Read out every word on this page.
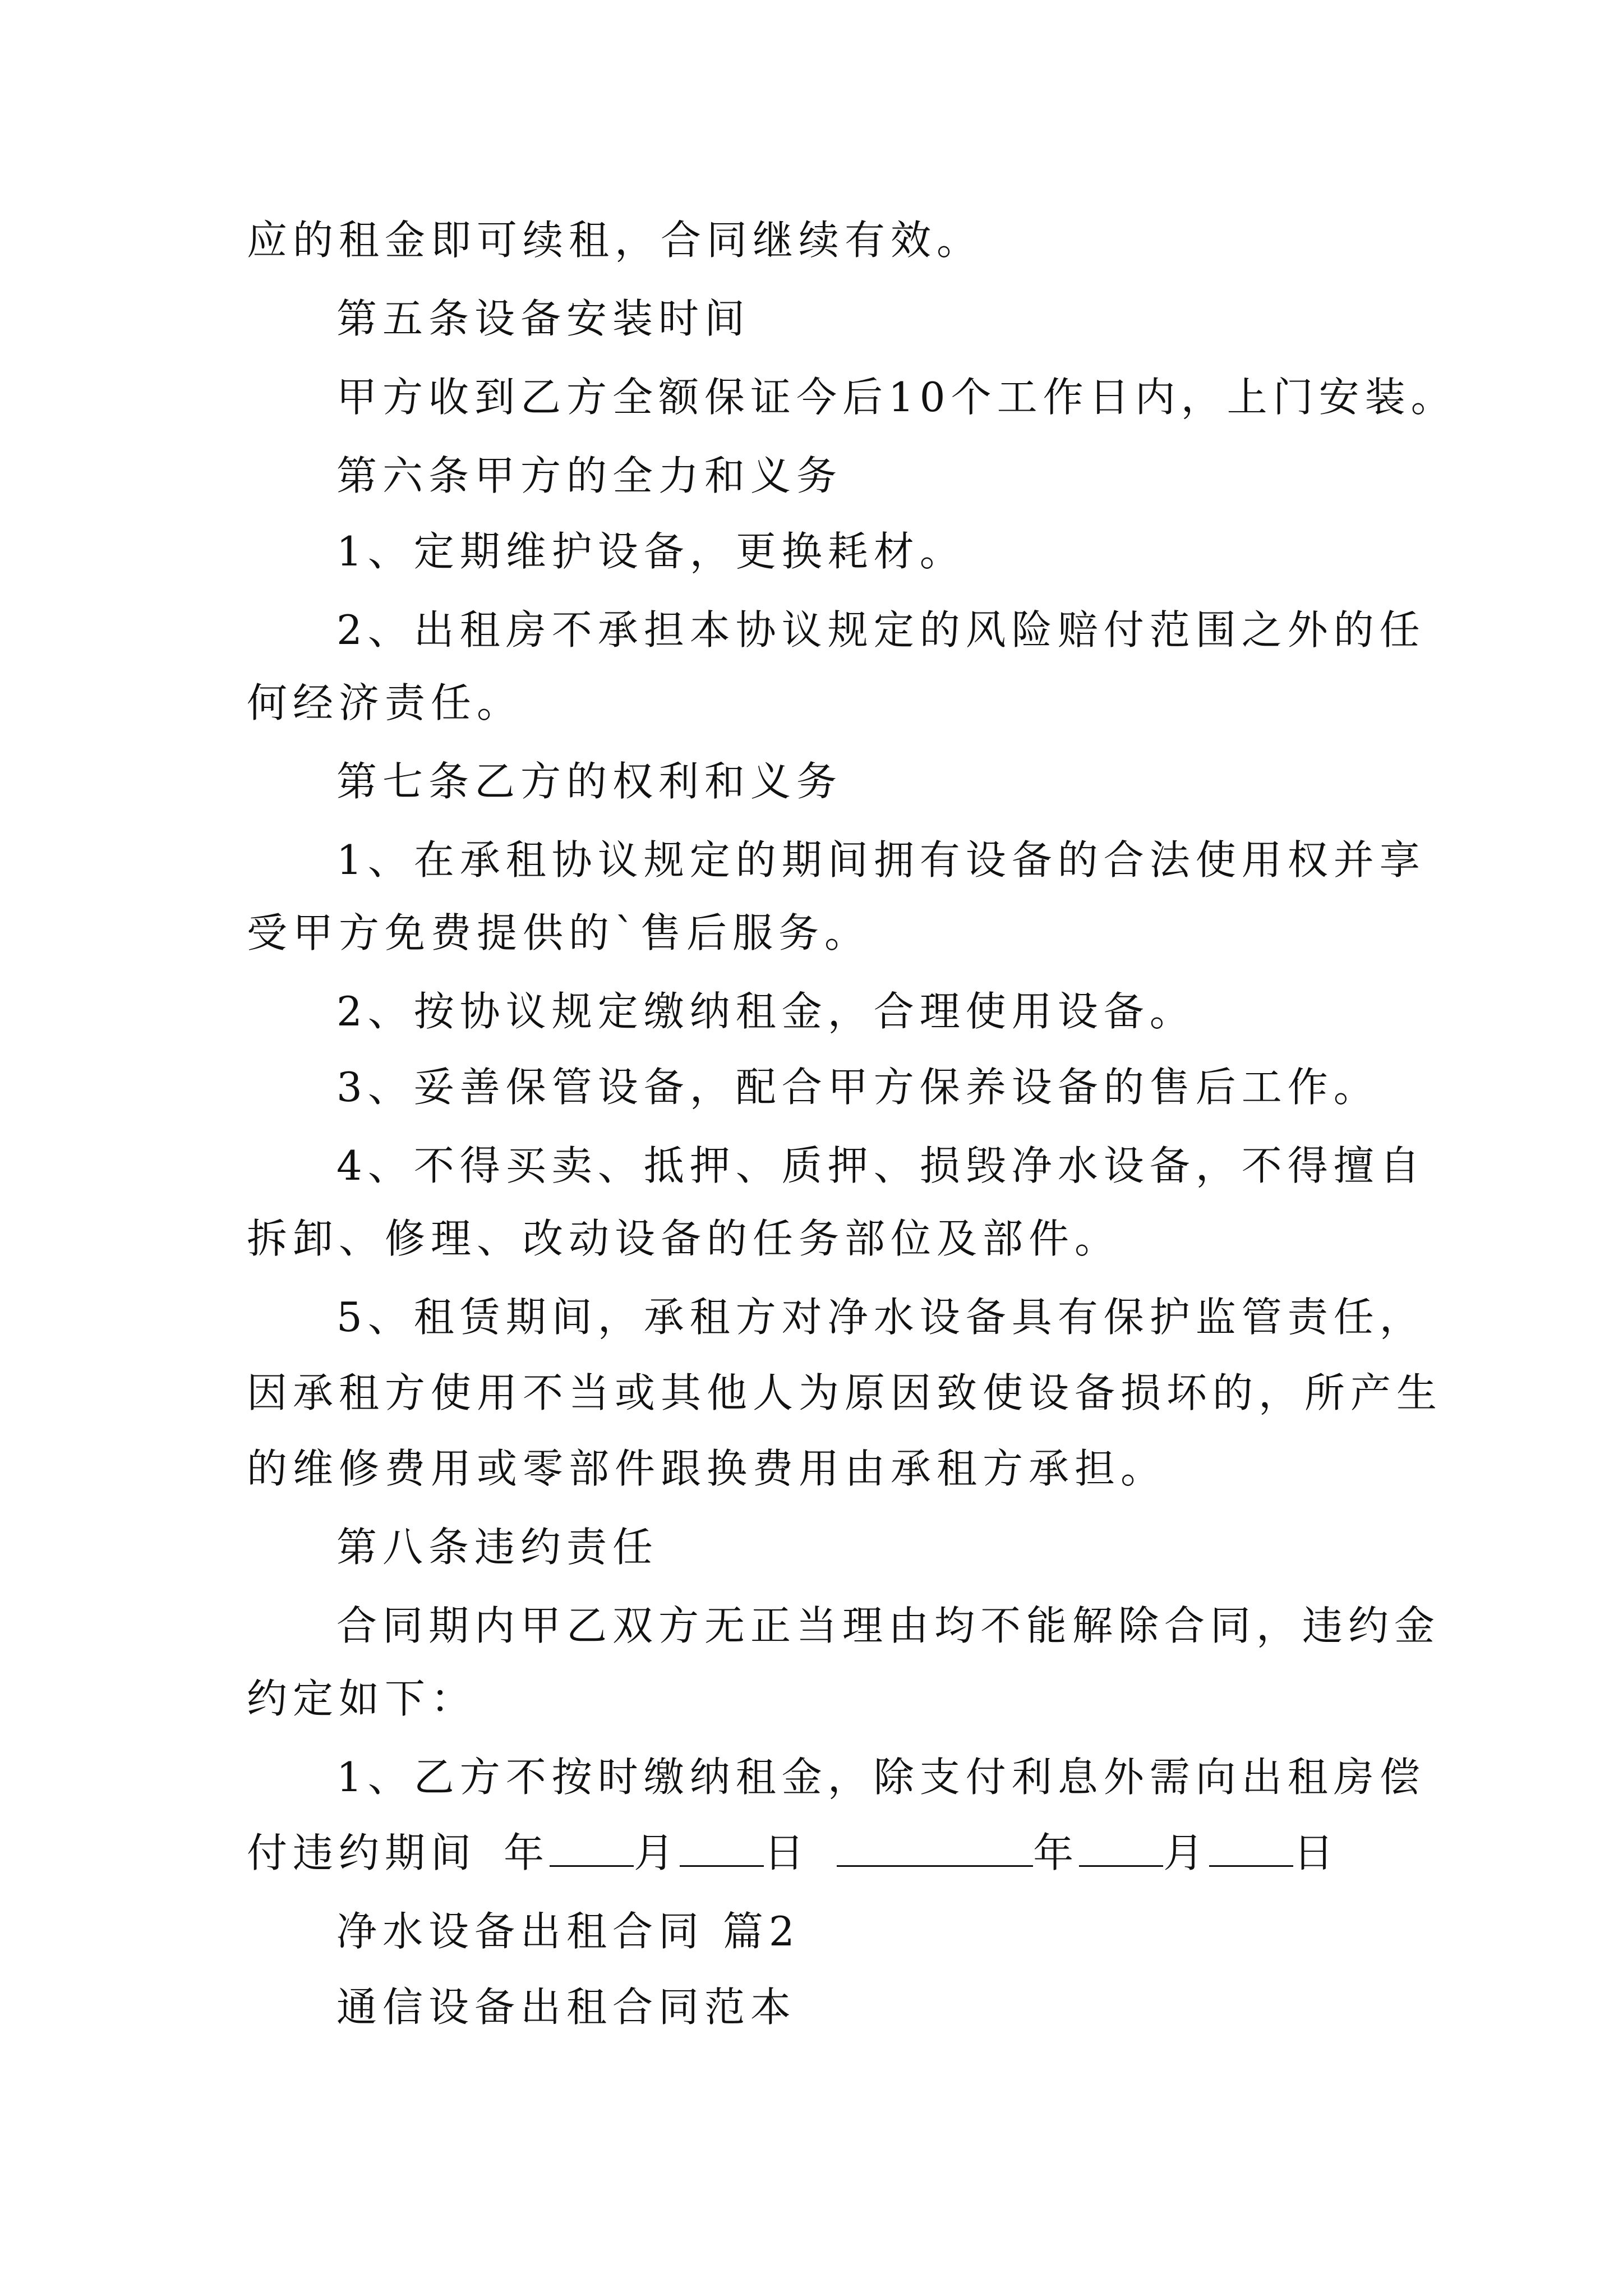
应的租金即可续租，合同继续有效。

第五条设备安装时间

甲方收到乙方全额保证今后10个工作日内，上门安装。

第六条甲方的全力和义务

1、定期维护设备，更换耗材。

2、出租房不承担本协议规定的风险赔付范围之外的任

何经济责任。

第七条乙方的权利和义务

1、在承租协议规定的期间拥有设备的合法使用权并享

受甲方免费提供的`售后服务。

2、按协议规定缴纳租金，合理使用设备。

3、妥善保管设备，配合甲方保养设备的售后工作。

4、不得买卖、抵押、质押、损毁净水设备，不得擅自

拆卸、修理、改动设备的任务部位及部件。

5、租赁期间，承租方对净水设备具有保护监管责任，

因承租方使用不当或其他人为原因致使设备损坏的，所产生

的维修费用或零部件跟换费用由承租方承担。

第八条违约责任

合同期内甲乙双方无正当理由均不能解除合同，违约金

约定如下：

1、乙方不按时缴纳租金，除支付利息外需向出租房偿

付违约期间 年 月 日	年 月 日

净水设备出租合同 篇2

通信设备出租合同范本
